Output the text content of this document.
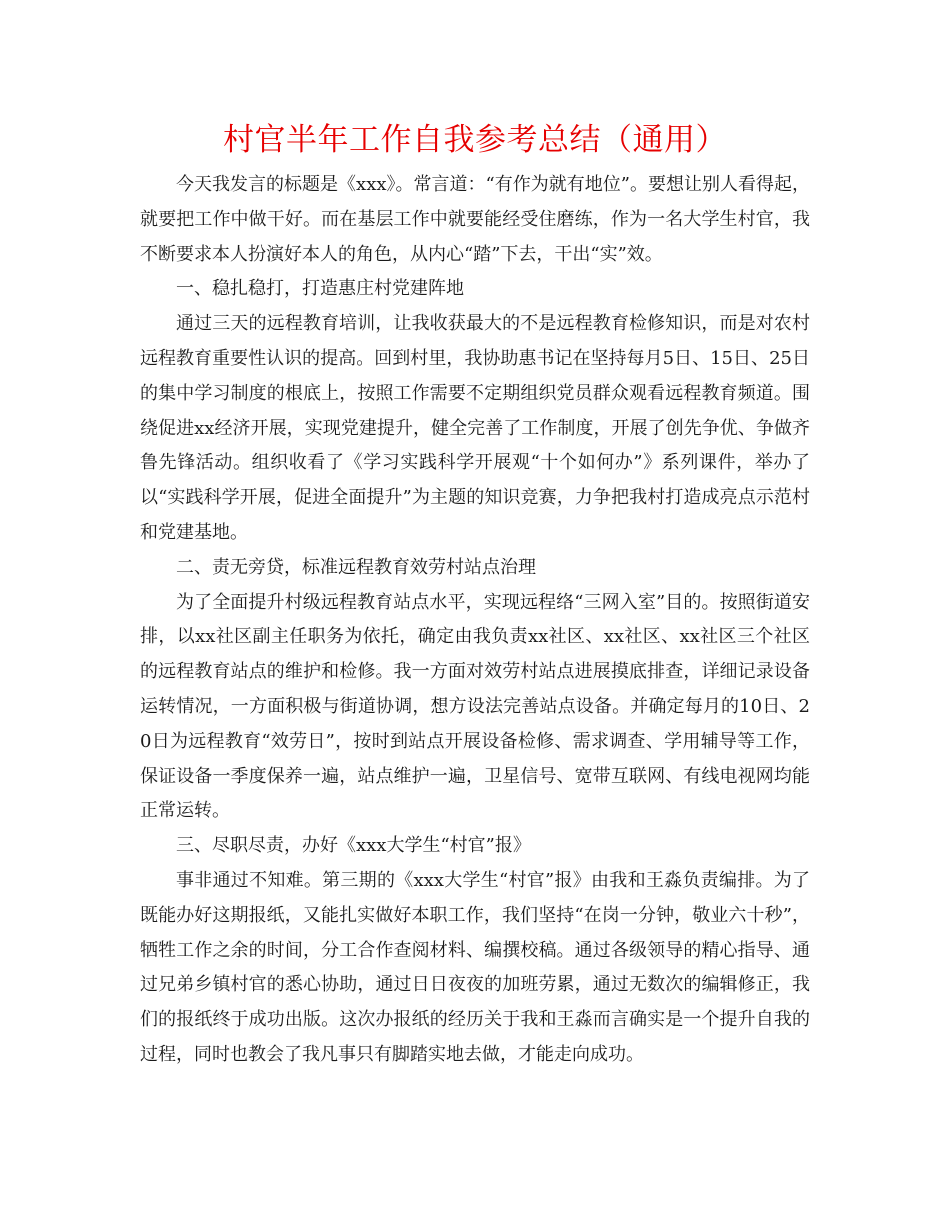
村官半年工作自我参考总结（通用）

今天我发言的标题是《xxx》。常言道：“有作为就有地位”。要想让别人看得起，就要把工作中做干好。而在基层工作中就要能经受住磨练，作为一名大学生村官，我不断要求本人扮演好本人的角色，从内心“踏”下去，干出“实”效。

一、稳扎稳打，打造惠庄村党建阵地

通过三天的远程教育培训，让我收获最大的不是远程教育检修知识，而是对农村远程教育重要性认识的提高。回到村里，我协助惠书记在坚持每月5日、15日、25日的集中学习制度的根底上，按照工作需要不定期组织党员群众观看远程教育频道。围绕促进xx经济开展，实现党建提升，健全完善了工作制度，开展了创先争优、争做齐鲁先锋活动。组织收看了《学习实践科学开展观“十个如何办”》系列课件，举办了以“实践科学开展，促进全面提升”为主题的知识竞赛，力争把我村打造成亮点示范村和党建基地。

二、责无旁贷，标准远程教育效劳村站点治理

为了全面提升村级远程教育站点水平，实现远程络“三网入室”目的。按照街道安排，以xx社区副主任职务为依托，确定由我负责xx社区、xx社区、xx社区三个社区的远程教育站点的维护和检修。我一方面对效劳村站点进展摸底排查，详细记录设备运转情况，一方面积极与街道协调，想方设法完善站点设备。并确定每月的10日、20日为远程教育“效劳日”，按时到站点开展设备检修、需求调查、学用辅导等工作，保证设备一季度保养一遍，站点维护一遍，卫星信号、宽带互联网、有线电视网均能正常运转。

三、尽职尽责，办好《xxx大学生“村官”报》

事非通过不知难。第三期的《xxx大学生“村官”报》由我和王淼负责编排。为了既能办好这期报纸，又能扎实做好本职工作，我们坚持“在岗一分钟，敬业六十秒”，牺牲工作之余的时间，分工合作查阅材料、编撰校稿。通过各级领导的精心指导、通过兄弟乡镇村官的悉心协助，通过日日夜夜的加班劳累，通过无数次的编辑修正，我们的报纸终于成功出版。这次办报纸的经历关于我和王淼而言确实是一个提升自我的过程，同时也教会了我凡事只有脚踏实地去做，才能走向成功。
